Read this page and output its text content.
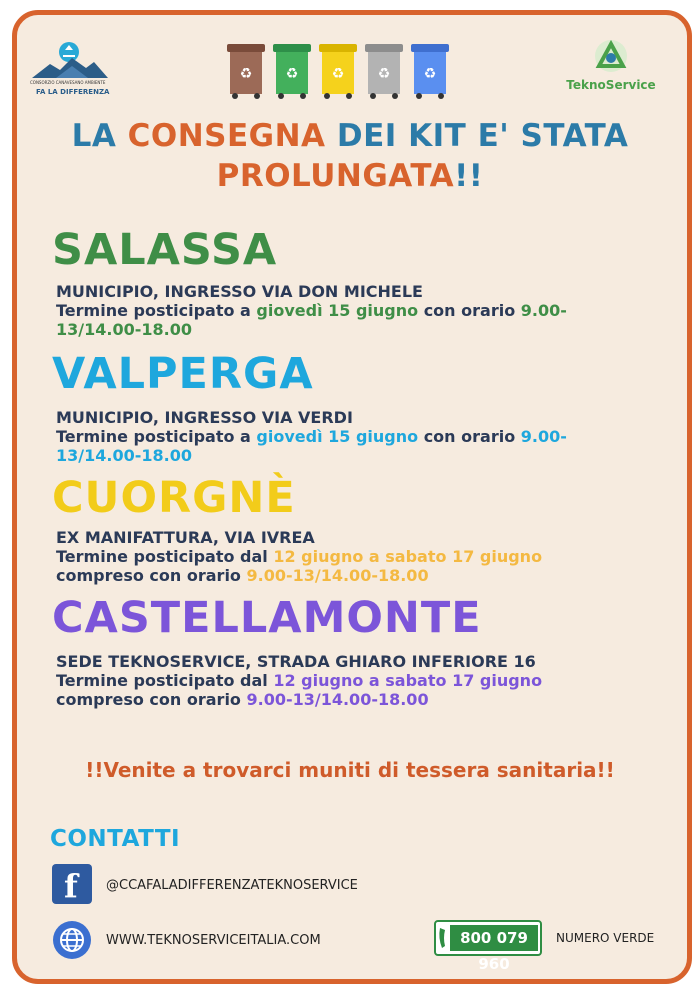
CONSORZIO CANAVESANO AMBIENTE
FA LA DIFFERENZA
♻ ♻ ♻ ♻ ♻
TeknoService
LA CONSEGNA DEI KIT E' STATA
PROLUNGATA!!
SALASSA
MUNICIPIO, INGRESSO VIA DON MICHELE
Termine posticipato a giovedì 15 giugno con orario 9.00-
13/14.00-18.00
VALPERGA
MUNICIPIO, INGRESSO VIA VERDI
Termine posticipato a giovedì 15 giugno con orario 9.00-
13/14.00-18.00
CUORGNÈ
EX MANIFATTURA, VIA IVREA
Termine posticipato dal 12 giugno a sabato 17 giugno
compreso con orario 9.00-13/14.00-18.00
CASTELLAMONTE
SEDE TEKNOSERVICE, STRADA GHIARO INFERIORE 16
Termine posticipato dal 12 giugno a sabato 17 giugno
compreso con orario 9.00-13/14.00-18.00
!!Venite a trovarci muniti di tessera sanitaria!!
CONTATTI
f @CCAFALADIFFERENZATEKNOSERVICE
WWW.TEKNOSERVICEITALIA.COM	800 079 960
NUMERO VERDE
